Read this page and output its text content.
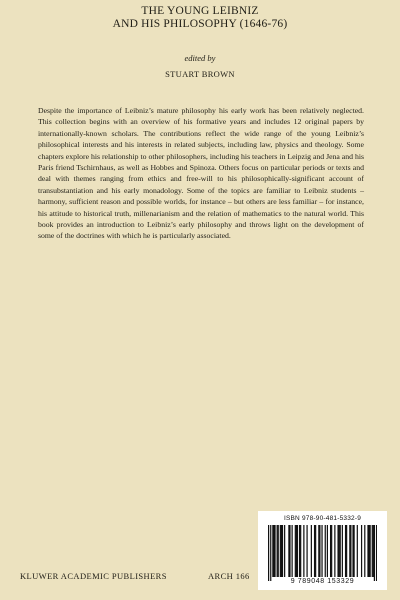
THE YOUNG LEIBNIZ
AND HIS PHILOSOPHY (1646-76)
edited by
STUART BROWN
Despite the importance of Leibniz’s mature philosophy his early work has been relatively neglected. This collection begins with an overview of his formative years and includes 12 original papers by internationally-known scholars. The contributions reflect the wide range of the young Leibniz’s philosophical interests and his interests in related subjects, including law, physics and theology. Some chapters explore his relationship to other philosophers, including his teachers in Leipzig and Jena and his Paris friend Tschirnhaus, as well as Hobbes and Spinoza. Others focus on particular periods or texts and deal with themes ranging from ethics and free-will to his philosophically-significant account of transubstantiation and his early monadology. Some of the topics are familiar to Leibniz students – harmony, sufficient reason and possible worlds, for instance – but others are less familiar – for instance, his attitude to historical truth, millenarianism and the relation of mathematics to the natural world. This book provides an introduction to Leibniz’s early philosophy and throws light on the development of some of the doctrines with which he is particularly associated.
ISBN 978-90-481-5332-9
9 789048 153329
KLUWER ACADEMIC PUBLISHERS	ARCH 166
